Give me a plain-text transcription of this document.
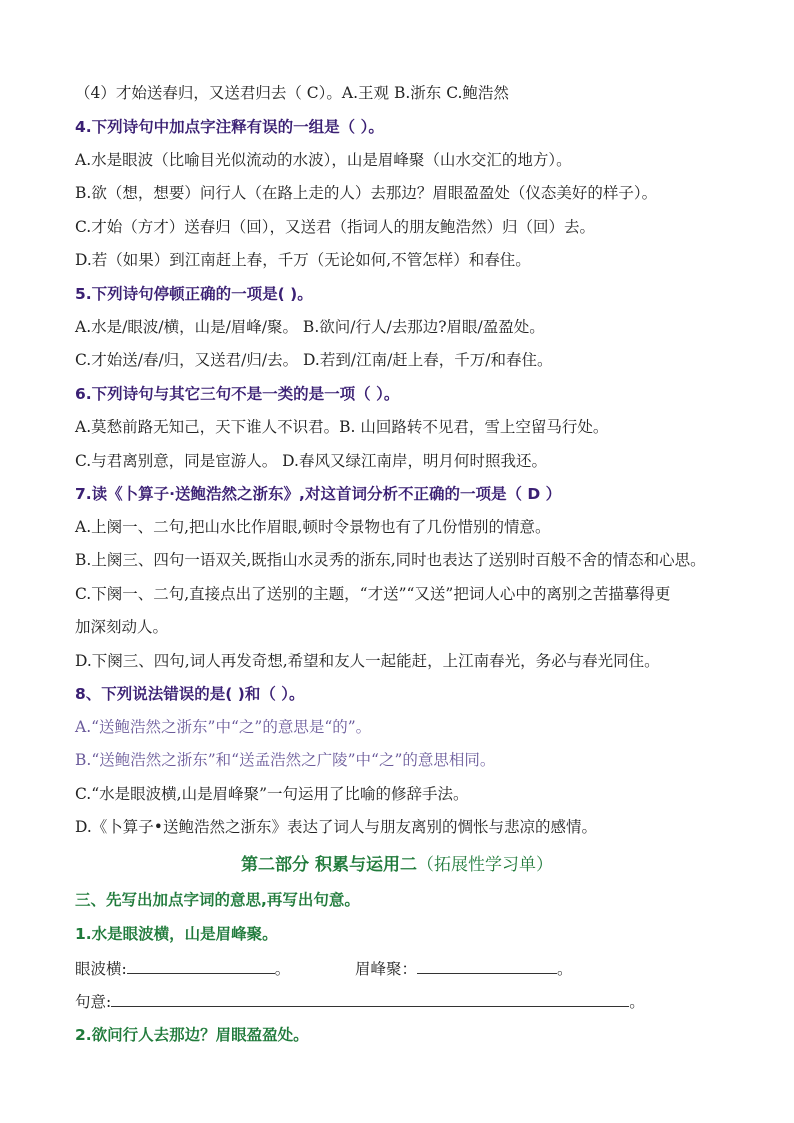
（4）才始送春归，又送君归去（ C）。A.王观 B.浙东 C.鲍浩然
4.下列诗句中加点字注释有误的一组是（ ）。
A.水是眼波（比喻目光似流动的水波），山是眉峰聚（山水交汇的地方）。
B.欲（想，想要）问行人（在路上走的人）去那边？眉眼盈盈处（仪态美好的样子）。
C.才始（方才）送春归（回），又送君（指词人的朋友鲍浩然）归（回）去。
D.若（如果）到江南赶上春，千万（无论如何,不管怎样）和春住。
5.下列诗句停顿正确的一项是( )。
A.水是/眼波/横，山是/眉峰/聚。 B.欲问/行人/去那边?眉眼/盈盈处。
C.才始送/春/归，又送君/归/去。 D.若到/江南/赶上春，千万/和春住。
6.下列诗句与其它三句不是一类的是一项（ ）。
A.莫愁前路无知己，天下谁人不识君。B. 山回路转不见君，雪上空留马行处。
C.与君离别意，同是宦游人。 D.春风又绿江南岸，明月何时照我还。
7.读《卜算子·送鲍浩然之浙东》,对这首词分析不正确的一项是（ D ）
A.上阕一、二句,把山水比作眉眼,顿时令景物也有了几份惜别的情意。
B.上阕三、四句一语双关,既指山水灵秀的浙东,同时也表达了送别时百般不舍的情态和心思。
C.下阕一、二句,直接点出了送别的主题，“才送”“又送”把词人心中的离别之苦描摹得更
加深刻动人。
D.下阕三、四句,词人再发奇想,希望和友人一起能赶，上江南春光，务必与春光同住。
8、下列说法错误的是( )和（ ）。
A.“送鲍浩然之浙东”中“之”的意思是“的”。
B.“送鲍浩然之浙东”和“送孟浩然之广陵”中“之”的意思相同。
C.“水是眼波横,山是眉峰聚”一句运用了比喻的修辞手法。
D.《卜算子•送鲍浩然之浙东》表达了词人与朋友离别的惆怅与悲凉的感情。
第二部分 积累与运用二（拓展性学习单）
三、先写出加点字词的意思,再写出句意。
1.水是眼波横，山是眉峰聚。
眼波横:	。	眉峰聚：	。
句意:	。
2.欲问行人去那边？眉眼盈盈处。
